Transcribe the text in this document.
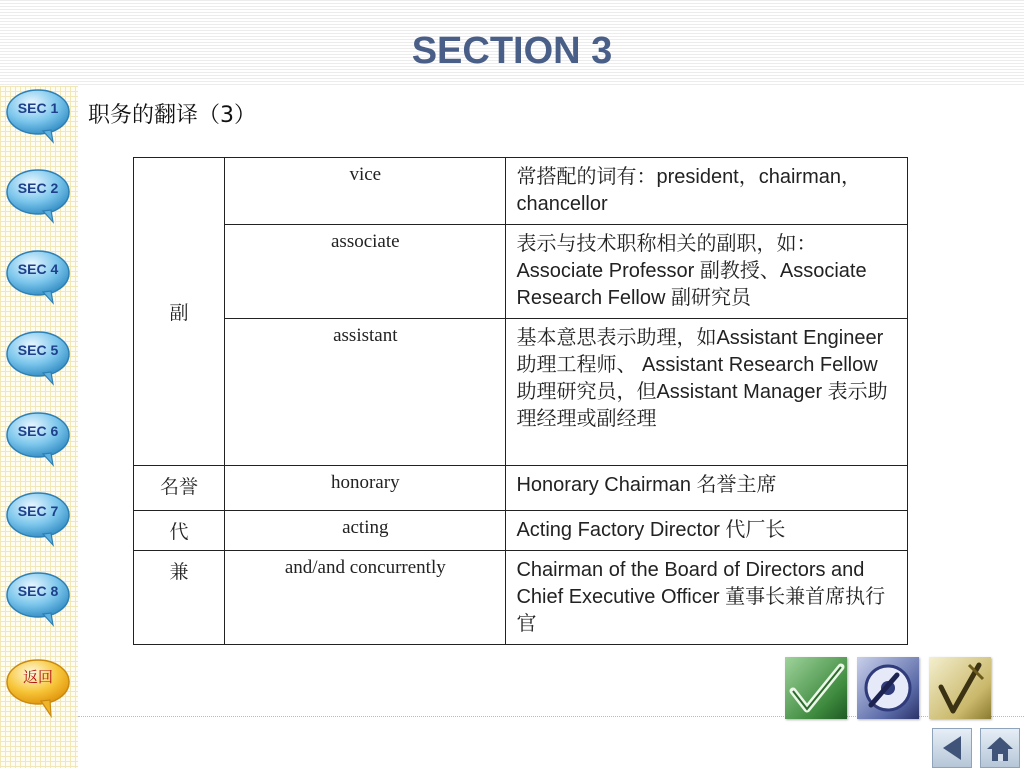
SECTION 3
职务的翻译（3）
SEC 1
SEC 2
SEC 4
SEC 5
SEC 6
SEC 7
SEC 8
返回
副	vice	常搭配的词有：president，chairman，chancellor
	associate	表示与技术职称相关的副职，如：Associate Professor 副教授、Associate Research Fellow 副研究员
	assistant	基本意思表示助理，如Assistant Engineer 助理工程师、 Assistant Research Fellow 助理研究员，但Assistant Manager 表示助理经理或副经理
名誉	honorary	Honorary Chairman 名誉主席
代	acting	Acting Factory Director 代厂长
兼	and/and concurrently	Chairman of the Board of Directors and Chief Executive Officer 董事长兼首席执行官
